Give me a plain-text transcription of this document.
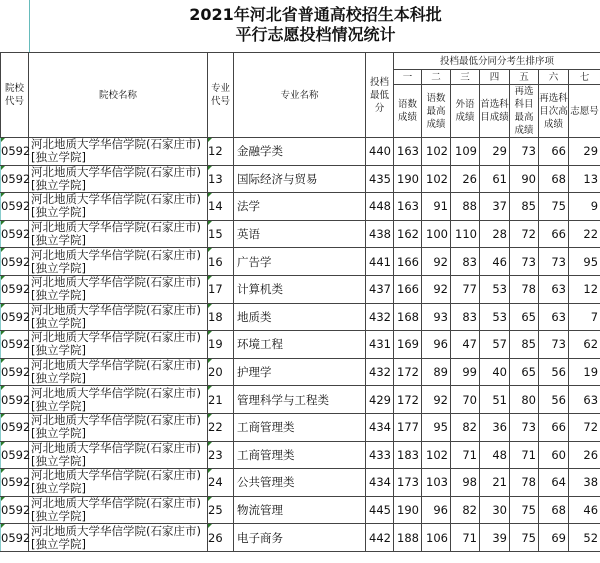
2021年河北省普通高校招生本科批
平行志愿投档情况统计
院校代号	院校名称	专业代号	专业名称	投档最低分	投档最低分同分考生排序项						
					一	二	三	四	五	六	七
					语数成绩	语数最高成绩	外语成绩	首选科目成绩	再选科目最高成绩	再选科目次高成绩	志愿号
0592	河北地质大学华信学院(石家庄市)[独立学院]	12	金融学类	440	163	102	109	29	73	66	29
0592	河北地质大学华信学院(石家庄市)[独立学院]	13	国际经济与贸易	435	190	102	26	61	90	68	13
0592	河北地质大学华信学院(石家庄市)[独立学院]	14	法学	448	163	91	88	37	85	75	9
0592	河北地质大学华信学院(石家庄市)[独立学院]	15	英语	438	162	100	110	28	72	66	22
0592	河北地质大学华信学院(石家庄市)[独立学院]	16	广告学	441	166	92	83	46	73	73	95
0592	河北地质大学华信学院(石家庄市)[独立学院]	17	计算机类	437	166	92	77	53	78	63	12
0592	河北地质大学华信学院(石家庄市)[独立学院]	18	地质类	432	168	93	83	53	65	63	7
0592	河北地质大学华信学院(石家庄市)[独立学院]	19	环境工程	431	169	96	47	57	85	73	62
0592	河北地质大学华信学院(石家庄市)[独立学院]	20	护理学	432	172	89	99	40	65	56	19
0592	河北地质大学华信学院(石家庄市)[独立学院]	21	管理科学与工程类	429	172	92	70	51	80	56	63
0592	河北地质大学华信学院(石家庄市)[独立学院]	22	工商管理类	434	177	95	82	36	73	66	72
0592	河北地质大学华信学院(石家庄市)[独立学院]	23	工商管理类	433	183	102	71	48	71	60	26
0592	河北地质大学华信学院(石家庄市)[独立学院]	24	公共管理类	434	173	103	98	21	78	64	38
0592	河北地质大学华信学院(石家庄市)[独立学院]	25	物流管理	445	190	96	82	30	75	68	46
0592	河北地质大学华信学院(石家庄市)[独立学院]	26	电子商务	442	188	106	71	39	75	69	52
